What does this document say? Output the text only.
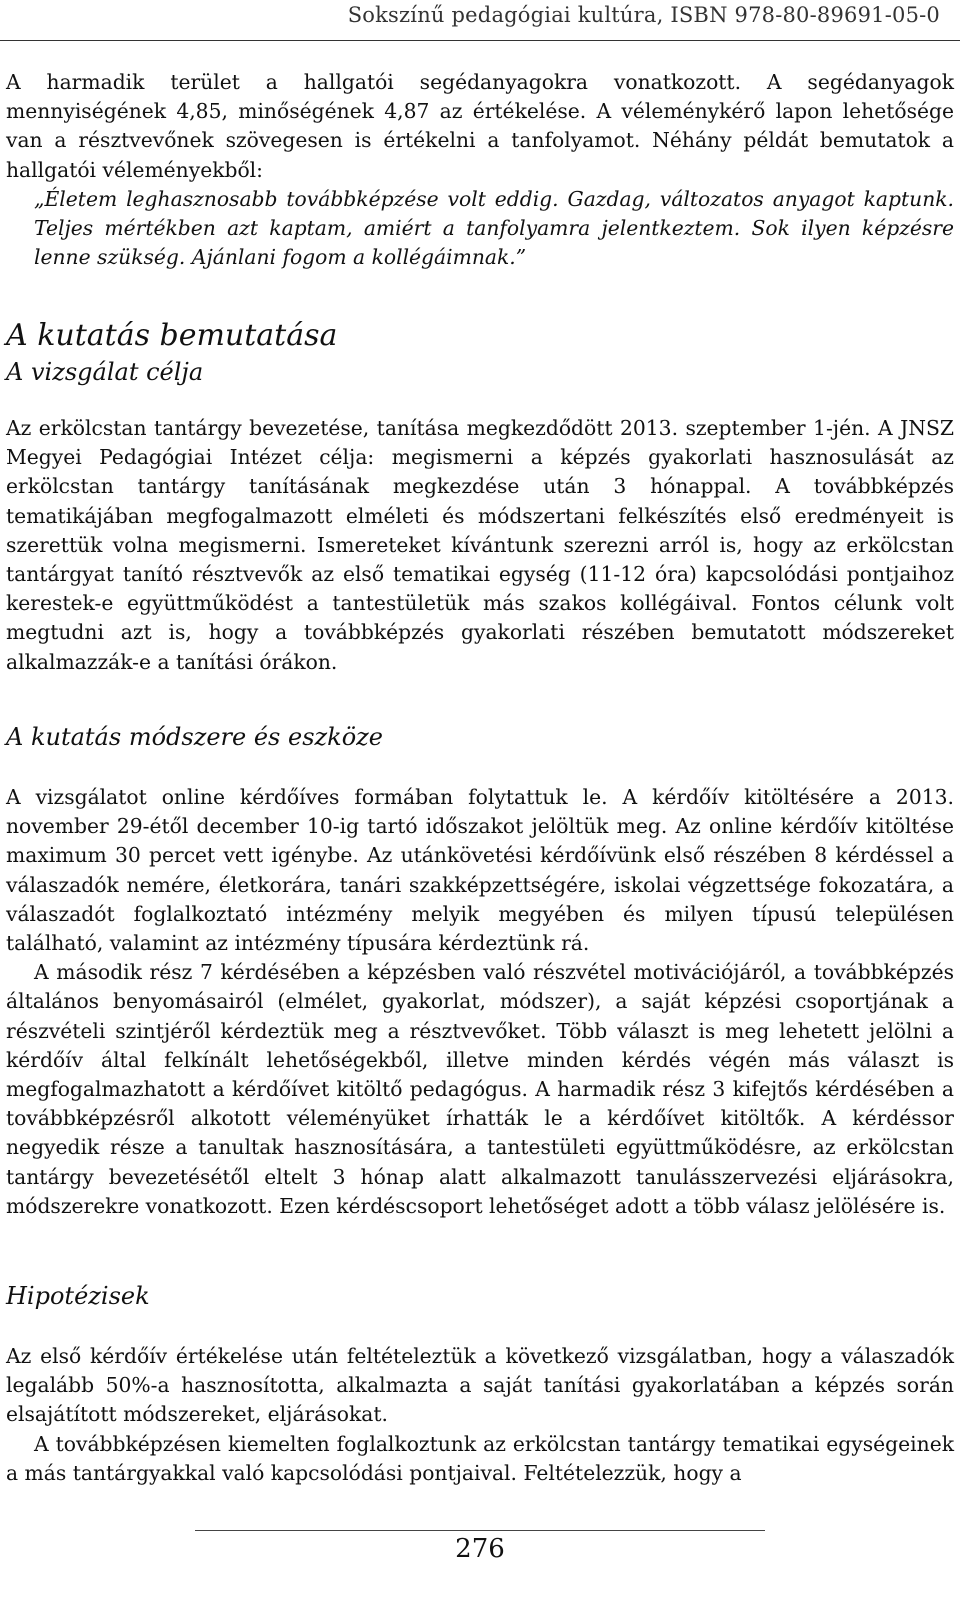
Sokszínű pedagógiai kultúra, ISBN 978-80-89691-05-0

A harmadik terület a hallgatói segédanyagokra vonatkozott. A segédanyagok mennyiségének 4,85, minőségének 4,87 az értékelése. A véleménykérő lapon lehetősége van a résztvevőnek szövegesen is értékelni a tanfolyamot. Néhány példát bemutatok a hallgatói véleményekből:

„Életem leghasznosabb továbbképzése volt eddig. Gazdag, változatos anyagot kaptunk. Teljes mértékben azt kaptam, amiért a tanfolyamra jelentkeztem. Sok ilyen képzésre lenne szükség. Ajánlani fogom a kollégáimnak.”

A kutatás bemutatása
A vizsgálat célja

Az erkölcstan tantárgy bevezetése, tanítása megkezdődött 2013. szeptember 1-jén. A JNSZ Megyei Pedagógiai Intézet célja: megismerni a képzés gyakorlati hasznosulását az erkölcstan tantárgy tanításának megkezdése után 3 hónappal. A továbbképzés tematikájában megfogalmazott elméleti és módszertani felkészítés első eredményeit is szerettük volna megismerni. Ismereteket kívántunk szerezni arról is, hogy az erkölcstan tantárgyat tanító résztvevők az első tematikai egység (11-12 óra) kapcsolódási pontjaihoz kerestek-e együttműködést a tantestületük más szakos kollégáival. Fontos célunk volt megtudni azt is, hogy a továbbképzés gyakorlati részében bemutatott módszereket alkalmazzák-e a tanítási órákon.

A kutatás módszere és eszköze

A vizsgálatot online kérdőíves formában folytattuk le. A kérdőív kitöltésére a 2013. november 29-étől december 10-ig tartó időszakot jelöltük meg. Az online kérdőív kitöltése maximum 30 percet vett igénybe. Az utánkövetési kérdőívünk első részében 8 kérdéssel a válaszadók nemére, életkorára, tanári szakképzettségére, iskolai végzettsége fokozatára, a válaszadót foglalkoztató intézmény melyik megyében és milyen típusú településen található, valamint az intézmény típusára kérdeztünk rá.

A második rész 7 kérdésében a képzésben való részvétel motivációjáról, a továbbképzés általános benyomásairól (elmélet, gyakorlat, módszer), a saját képzési csoportjának a részvételi szintjéről kérdeztük meg a résztvevőket. Több választ is meg lehetett jelölni a kérdőív által felkínált lehetőségekből, illetve minden kérdés végén más választ is megfogalmazhatott a kérdőívet kitöltő pedagógus. A harmadik rész 3 kifejtős kérdésében a továbbképzésről alkotott véleményüket írhatták le a kérdőívet kitöltők. A kérdéssor negyedik része a tanultak hasznosítására, a tantestületi együttműködésre, az erkölcstan tantárgy bevezetésétől eltelt 3 hónap alatt alkalmazott tanulásszervezési eljárásokra, módszerekre vonatkozott. Ezen kérdéscsoport lehetőséget adott a több válasz jelölésére is.

Hipotézisek

Az első kérdőív értékelése után feltételeztük a következő vizsgálatban, hogy a válaszadók legalább 50%-a hasznosította, alkalmazta a saját tanítási gyakorlatában a képzés során elsajátított módszereket, eljárásokat.

A továbbképzésen kiemelten foglalkoztunk az erkölcstan tantárgy tematikai egységeinek a más tantárgyakkal való kapcsolódási pontjaival. Feltételezzük, hogy a

276
